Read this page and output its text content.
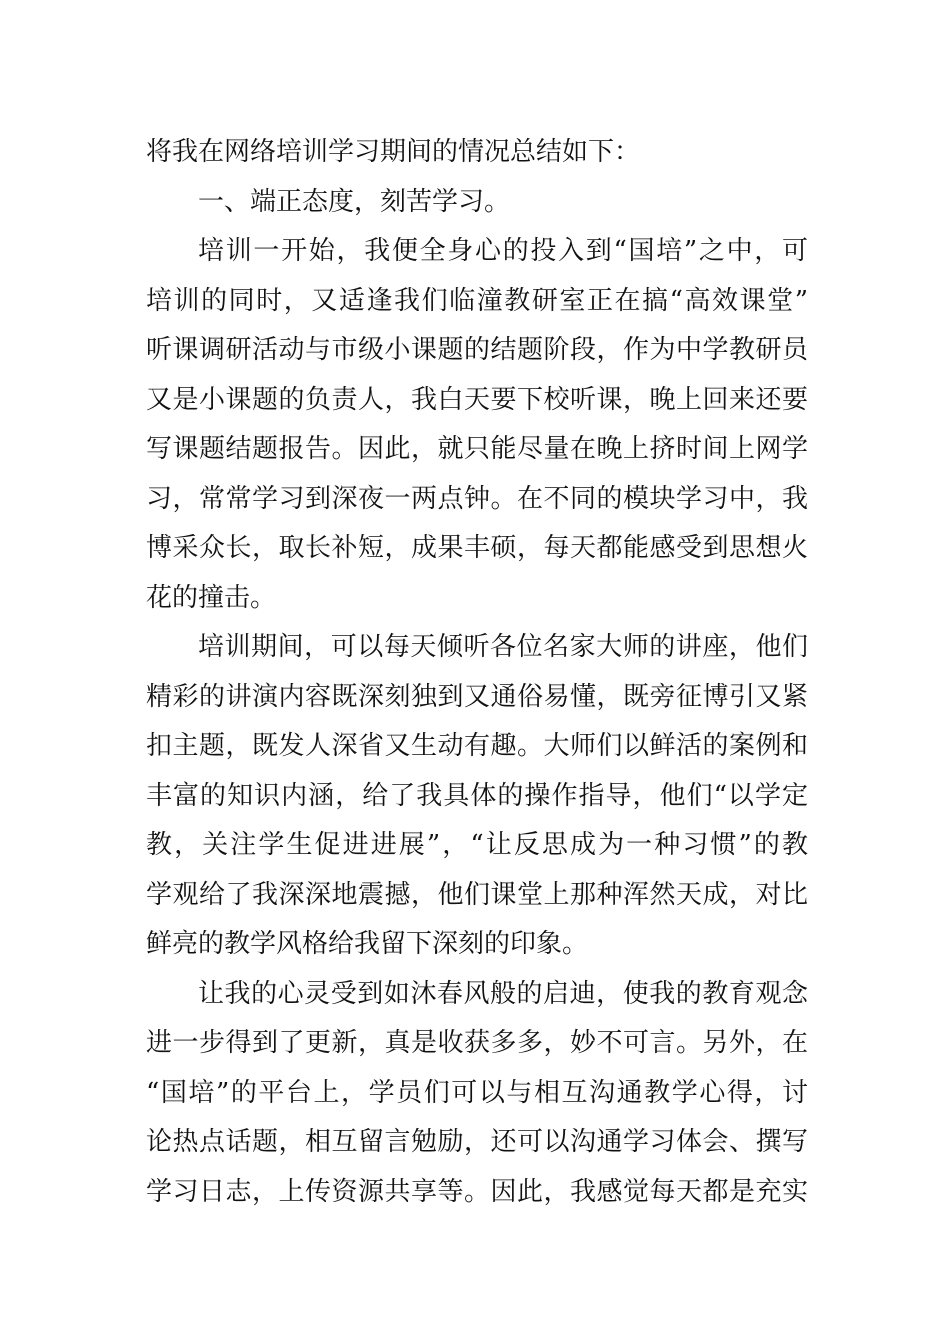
将我在网络培训学习期间的情况总结如下：
一、端正态度，刻苦学习。
培训一开始，我便全身心的投入到“国培”之中，可
培训的同时，又适逢我们临潼教研室正在搞“高效课堂”
听课调研活动与市级小课题的结题阶段，作为中学教研员
又是小课题的负责人，我白天要下校听课，晚上回来还要
写课题结题报告。因此，就只能尽量在晚上挤时间上网学
习，常常学习到深夜一两点钟。在不同的模块学习中，我
博采众长，取长补短，成果丰硕，每天都能感受到思想火
花的撞击。
培训期间，可以每天倾听各位名家大师的讲座，他们
精彩的讲演内容既深刻独到又通俗易懂，既旁征博引又紧
扣主题，既发人深省又生动有趣。大师们以鲜活的案例和
丰富的知识内涵，给了我具体的操作指导，他们“以学定
教，关注学生促进进展”，“让反思成为一种习惯”的教
学观给了我深深地震撼，他们课堂上那种浑然天成，对比
鲜亮的教学风格给我留下深刻的印象。
让我的心灵受到如沐春风般的启迪，使我的教育观念
进一步得到了更新，真是收获多多，妙不可言。另外，在
“国培”的平台上，学员们可以与相互沟通教学心得，讨
论热点话题，相互留言勉励，还可以沟通学习体会、撰写
学习日志，上传资源共享等。因此，我感觉每天都是充实
